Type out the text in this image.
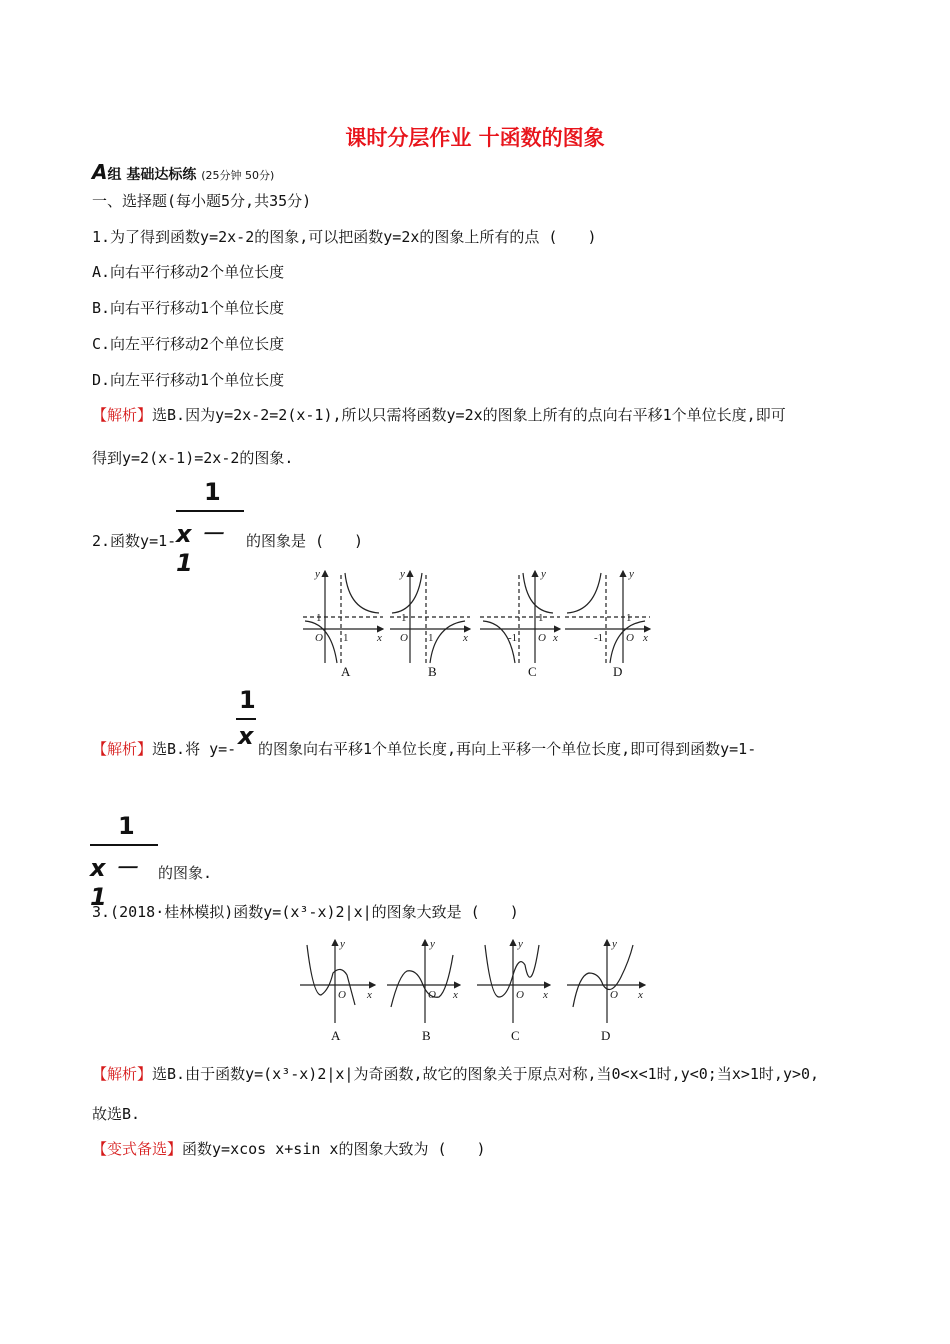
课时分层作业 十函数的图象
A组 基础达标练 (25分钟 50分)
一、选择题(每小题5分,共35分)
1.为了得到函数y=2x-2的图象,可以把函数y=2x的图象上所有的点 (　　)
A.向右平行移动2个单位长度
B.向右平行移动1个单位长度
C.向左平行移动2个单位长度
D.向左平行移动1个单位长度
【解析】选B.因为y=2x-2=2(x-1),所以只需将函数y=2x的图象上所有的点向右平移1个单位长度,即可
得到y=2(x-1)=2x-2的图象.
2.函数y=1-
1
x － 1
的图象是 (　　)
y
x
O
1
1
y
x
O
1
1
y
x
O
1
-1
y
x
O
1
-1
A	B	C	D
【解析】选B.将 y=-
1
x 的图象向右平移1个单位长度,再向上平移一个单位长度,即可得到函数y=1-
1
x － 1
的图象.
3.(2018·桂林模拟)函数y=(x³-x)2|x|的图象大致是 (　　)
y
x
O
y
x
O
y
x
O
y
x
O
A	B	C	D
【解析】选B.由于函数y=(x³-x)2|x|为奇函数,故它的图象关于原点对称,当0<x<1时,y<0;当x>1时,y>0,
故选B.
【变式备选】函数y=xcos x+sin x的图象大致为 (　　)
